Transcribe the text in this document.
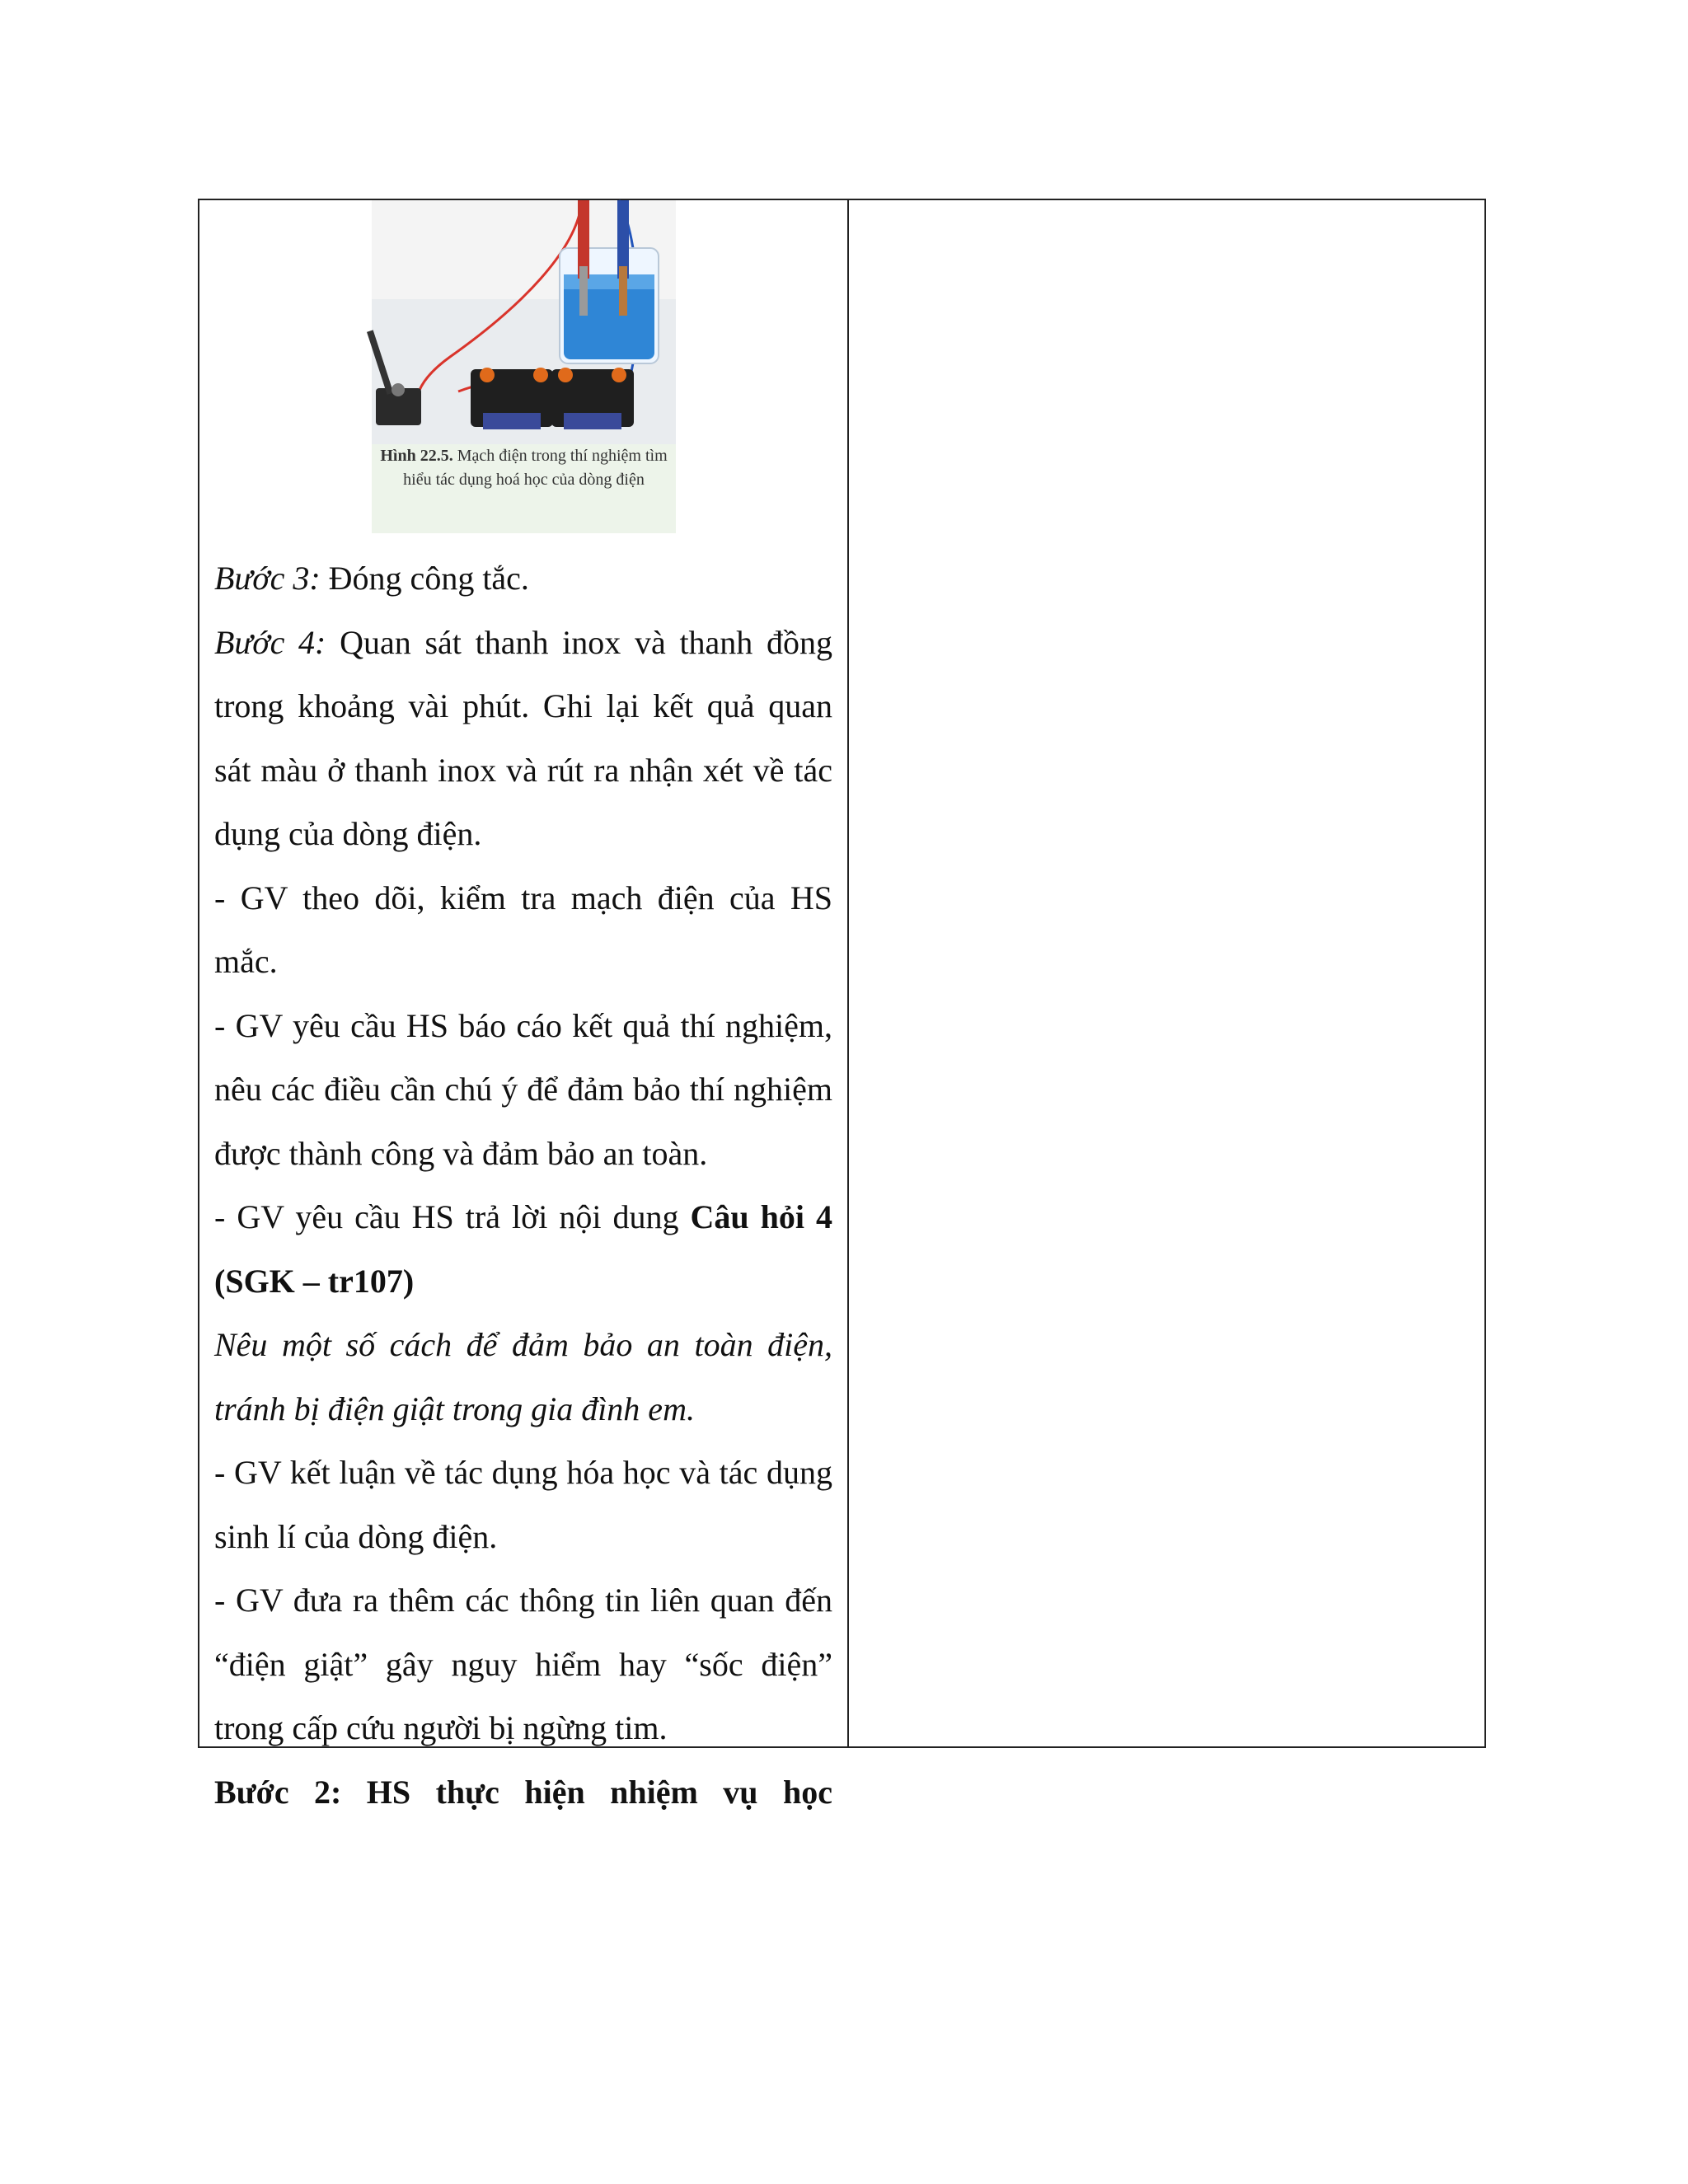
Hình 22.5. Mạch điện trong thí nghiệm tìm hiểu tác dụng hoá học của dòng điện

Bước 3: Đóng công tắc.

Bước 4: Quan sát thanh inox và thanh đồng trong khoảng vài phút. Ghi lại kết quả quan sát màu ở thanh inox và rút ra nhận xét về tác dụng của dòng điện.

- GV theo dõi, kiểm tra mạch điện của HS mắc.

- GV yêu cầu HS báo cáo kết quả thí nghiệm, nêu các điều cần chú ý để đảm bảo thí nghiệm được thành công và đảm bảo an toàn.

- GV yêu cầu HS trả lời nội dung Câu hỏi 4 (SGK – tr107)

Nêu một số cách để đảm bảo an toàn điện, tránh bị điện giật trong gia đình em.

- GV kết luận về tác dụng hóa học và tác dụng sinh lí của dòng điện.

- GV đưa ra thêm các thông tin liên quan đến “điện giật” gây nguy hiểm hay “sốc điện” trong cấp cứu người bị ngừng tim.

Bước 2: HS thực hiện nhiệm vụ học
